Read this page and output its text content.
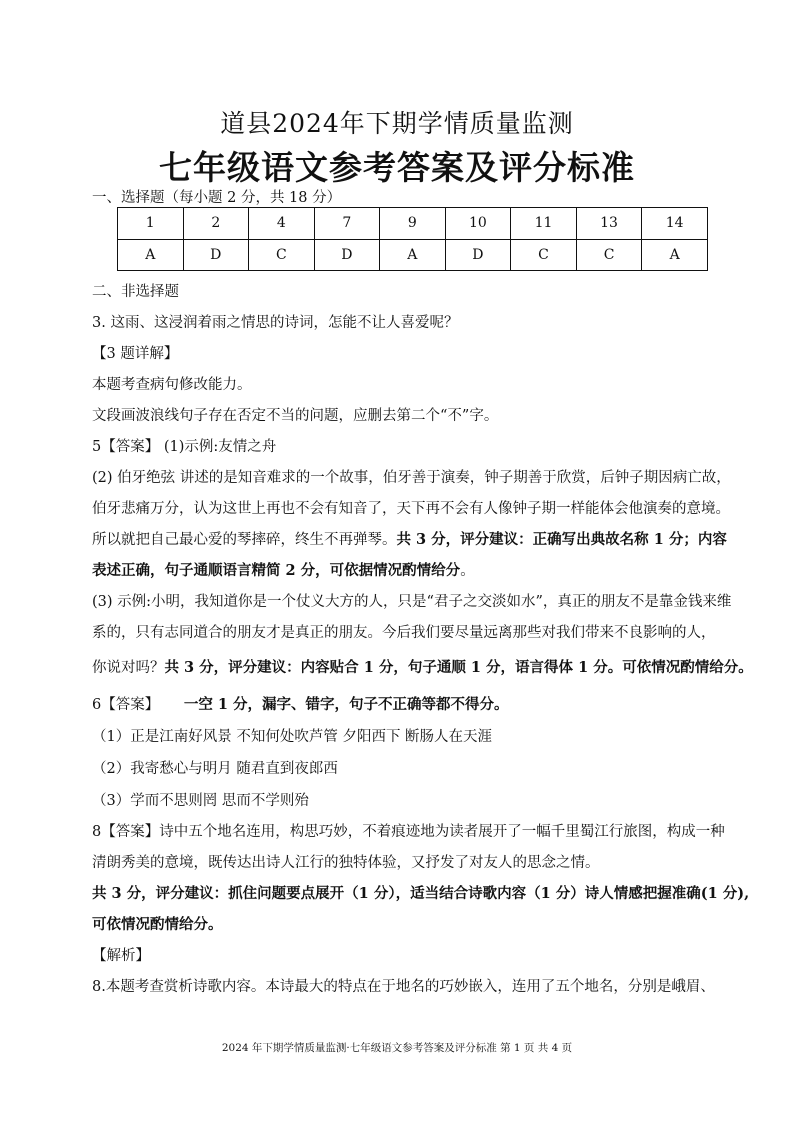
道县2024年下期学情质量监测
七年级语文参考答案及评分标准
一、选择题（每小题 2 分，共 18 分）
1	2	4	7	9	10	11	13	14
A	D	C	D	A	D	C	C	A
二、非选择题
3. 这雨、这浸润着雨之情思的诗词，怎能不让人喜爱呢？
【3 题详解】
本题考查病句修改能力。
文段画波浪线句子存在否定不当的问题，应删去第二个“不”字。
5【答案】 (1)示例:友情之舟
(2) 伯牙绝弦 讲述的是知音难求的一个故事，伯牙善于演奏，钟子期善于欣赏，后钟子期因病亡故，
伯牙悲痛万分，认为这世上再也不会有知音了，天下再不会有人像钟子期一样能体会他演奏的意境。
所以就把自己最心爱的琴摔碎，终生不再弹琴。共 3 分，评分建议：正确写出典故名称 1 分；内容
表述正确，句子通顺语言精简 2 分，可依据情况酌情给分。
(3) 示例:小明，我知道你是一个仗义大方的人，只是“君子之交淡如水”，真正的朋友不是靠金钱来维
系的，只有志同道合的朋友才是真正的朋友。今后我们要尽量远离那些对我们带来不良影响的人，
你说对吗？共 3 分，评分建议：内容贴合 1 分，句子通顺 1 分，语言得体 1 分。可依情况酌情给分。
6【答案】 一空 1 分，漏字、错字，句子不正确等都不得分。
（1）正是江南好风景 不知何处吹芦管 夕阳西下 断肠人在天涯
（2）我寄愁心与明月 随君直到夜郎西
（3）学而不思则罔 思而不学则殆
8【答案】诗中五个地名连用，构思巧妙，不着痕迹地为读者展开了一幅千里蜀江行旅图，构成一种
清朗秀美的意境，既传达出诗人江行的独特体验，又抒发了对友人的思念之情。
共 3 分，评分建议：抓住问题要点展开（1 分），适当结合诗歌内容（1 分）诗人情感把握准确(1 分),
可依情况酌情给分。
【解析】
8.本题考查赏析诗歌内容。本诗最大的特点在于地名的巧妙嵌入，连用了五个地名，分别是峨眉、
2024 年下期学情质量监测·七年级语文参考答案及评分标准 第 1 页 共 4 页
